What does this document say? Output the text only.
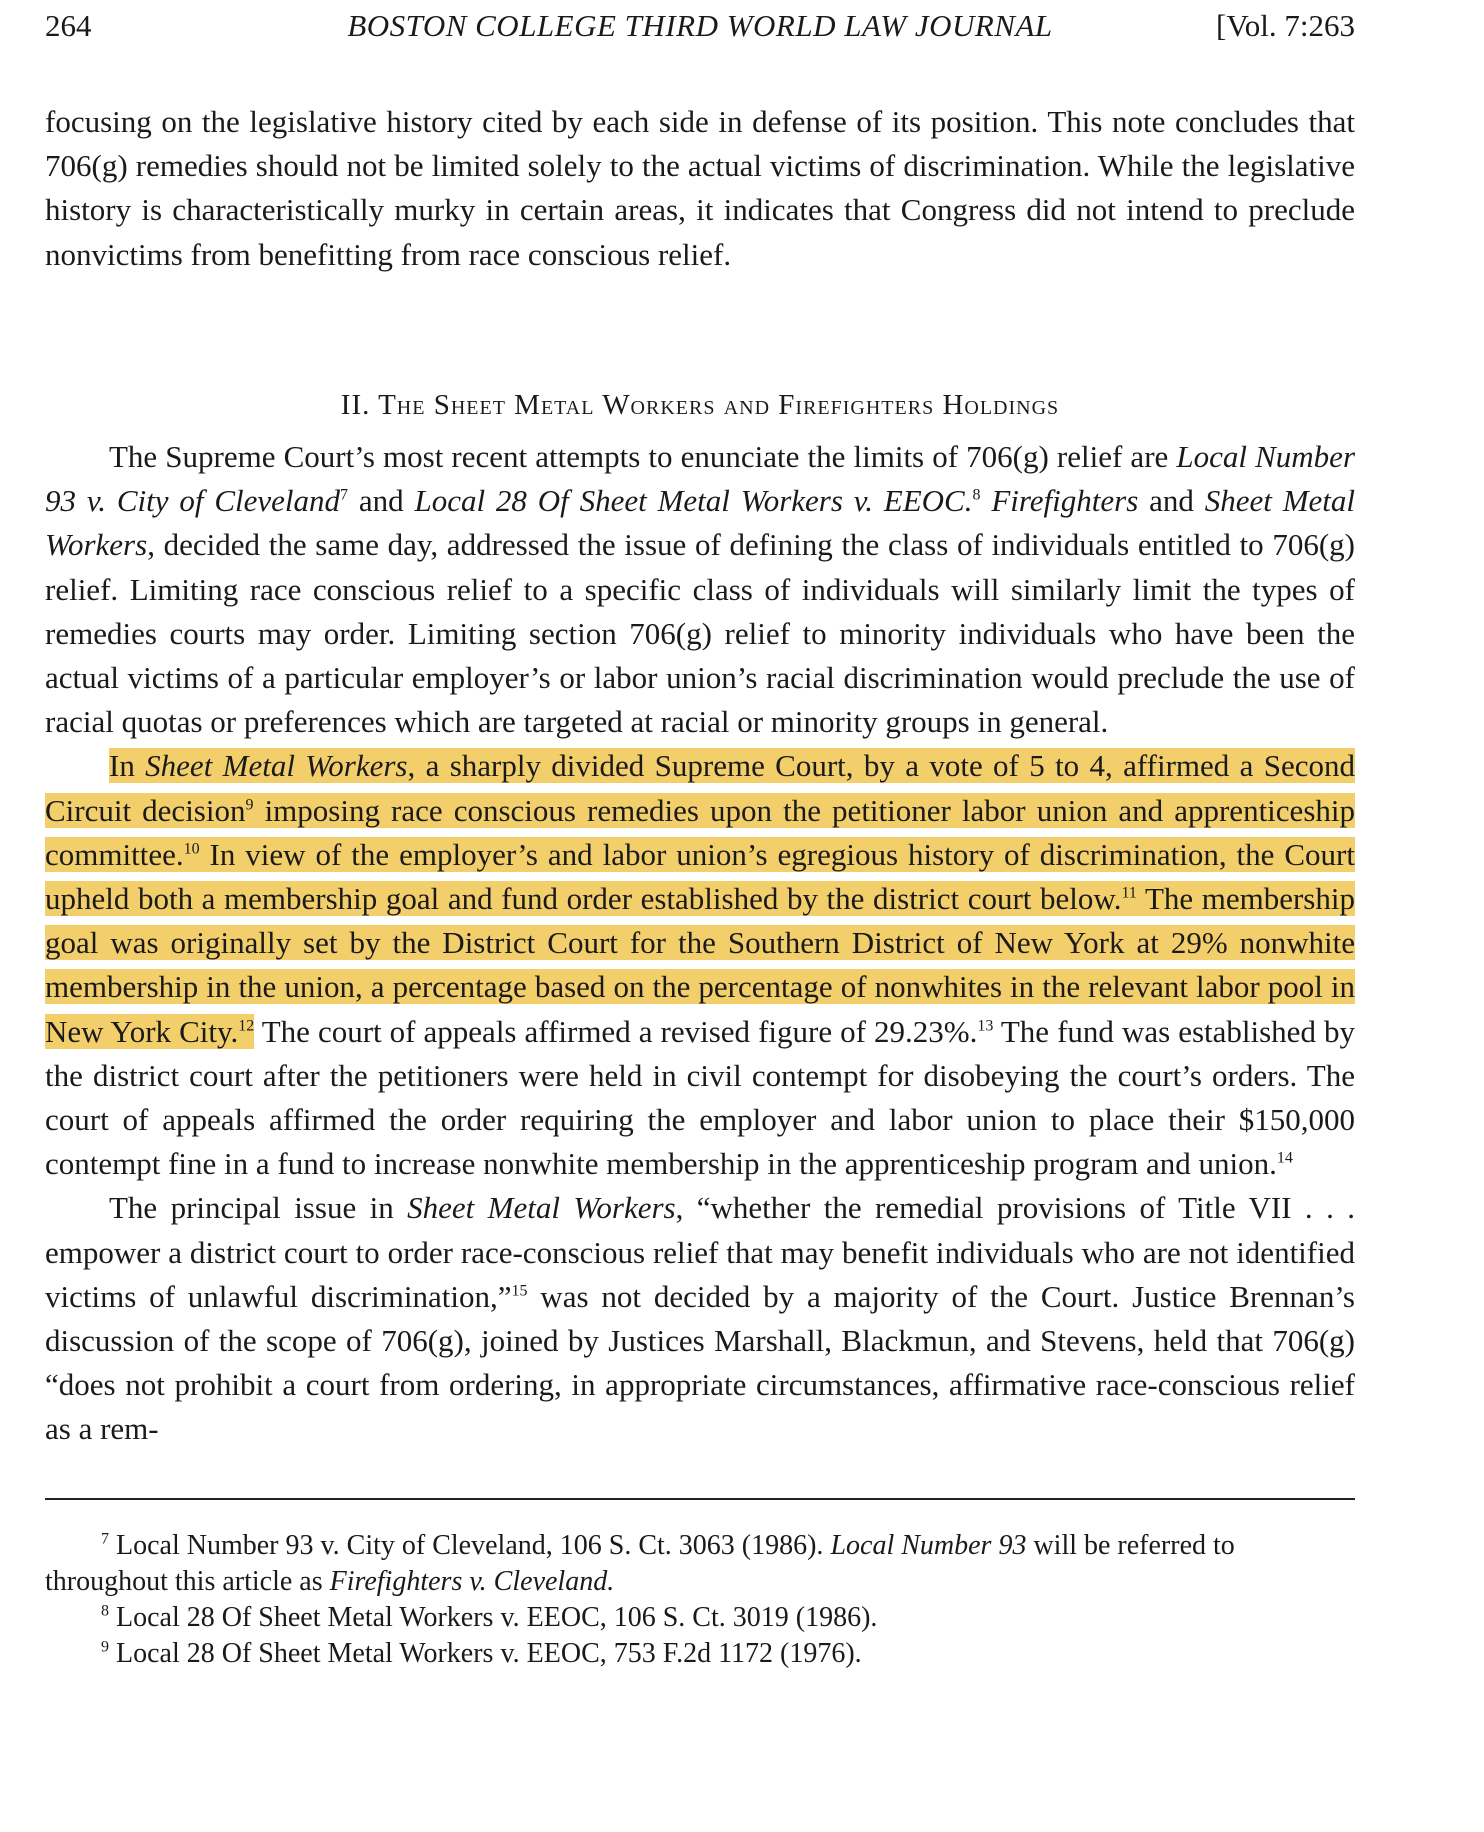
264	BOSTON COLLEGE THIRD WORLD LAW JOURNAL	[Vol. 7:263

focusing on the legislative history cited by each side in defense of its position. This note concludes that 706(g) remedies should not be limited solely to the actual victims of discrimination. While the legislative history is characteristically murky in certain areas, it indicates that Congress did not intend to preclude nonvictims from benefitting from race conscious relief.

II. The Sheet Metal Workers and Firefighters Holdings

The Supreme Court’s most recent attempts to enunciate the limits of 706(g) relief are Local Number 93 v. City of Cleveland$^7$ and Local 28 Of Sheet Metal Workers v. EEOC.$^8$ Firefighters and Sheet Metal Workers, decided the same day, addressed the issue of defining the class of individuals entitled to 706(g) relief. Limiting race conscious relief to a specific class of individuals will similarly limit the types of remedies courts may order. Limiting section 706(g) relief to minority individuals who have been the actual victims of a particular employer’s or labor union’s racial discrimination would preclude the use of racial quotas or preferences which are targeted at racial or minority groups in general.

In Sheet Metal Workers, a sharply divided Supreme Court, by a vote of 5 to 4, affirmed a Second Circuit decision$^9$ imposing race conscious remedies upon the petitioner labor union and apprenticeship committee.$^{10}$ In view of the employer’s and labor union’s egregious history of discrimination, the Court upheld both a membership goal and fund order established by the district court below.$^{11}$ The membership goal was originally set by the District Court for the Southern District of New York at 29% nonwhite membership in the union, a percentage based on the percentage of nonwhites in the relevant labor pool in New York City.$^{12}$ The court of appeals affirmed a revised figure of 29.23%.$^{13}$ The fund was established by the district court after the petitioners were held in civil contempt for disobeying the court’s orders. The court of appeals affirmed the order requiring the employer and labor union to place their $150,000 contempt fine in a fund to increase nonwhite membership in the apprenticeship program and union.$^{14}$

The principal issue in Sheet Metal Workers, “whether the remedial provisions of Title VII . . . empower a district court to order race-conscious relief that may benefit individuals who are not identified victims of unlawful discrimination,”$^{15}$ was not decided by a majority of the Court. Justice Brennan’s discussion of the scope of 706(g), joined by Justices Marshall, Blackmun, and Stevens, held that 706(g) “does not prohibit a court from ordering, in appropriate circumstances, affirmative race-conscious relief as a rem-

$^7$ Local Number 93 v. City of Cleveland, 106 S. Ct. 3063 (1986). Local Number 93 will be referred to throughout this article as Firefighters v. Cleveland.

$^8$ Local 28 Of Sheet Metal Workers v. EEOC, 106 S. Ct. 3019 (1986).

$^9$ Local 28 Of Sheet Metal Workers v. EEOC, 753 F.2d 1172 (1976).
